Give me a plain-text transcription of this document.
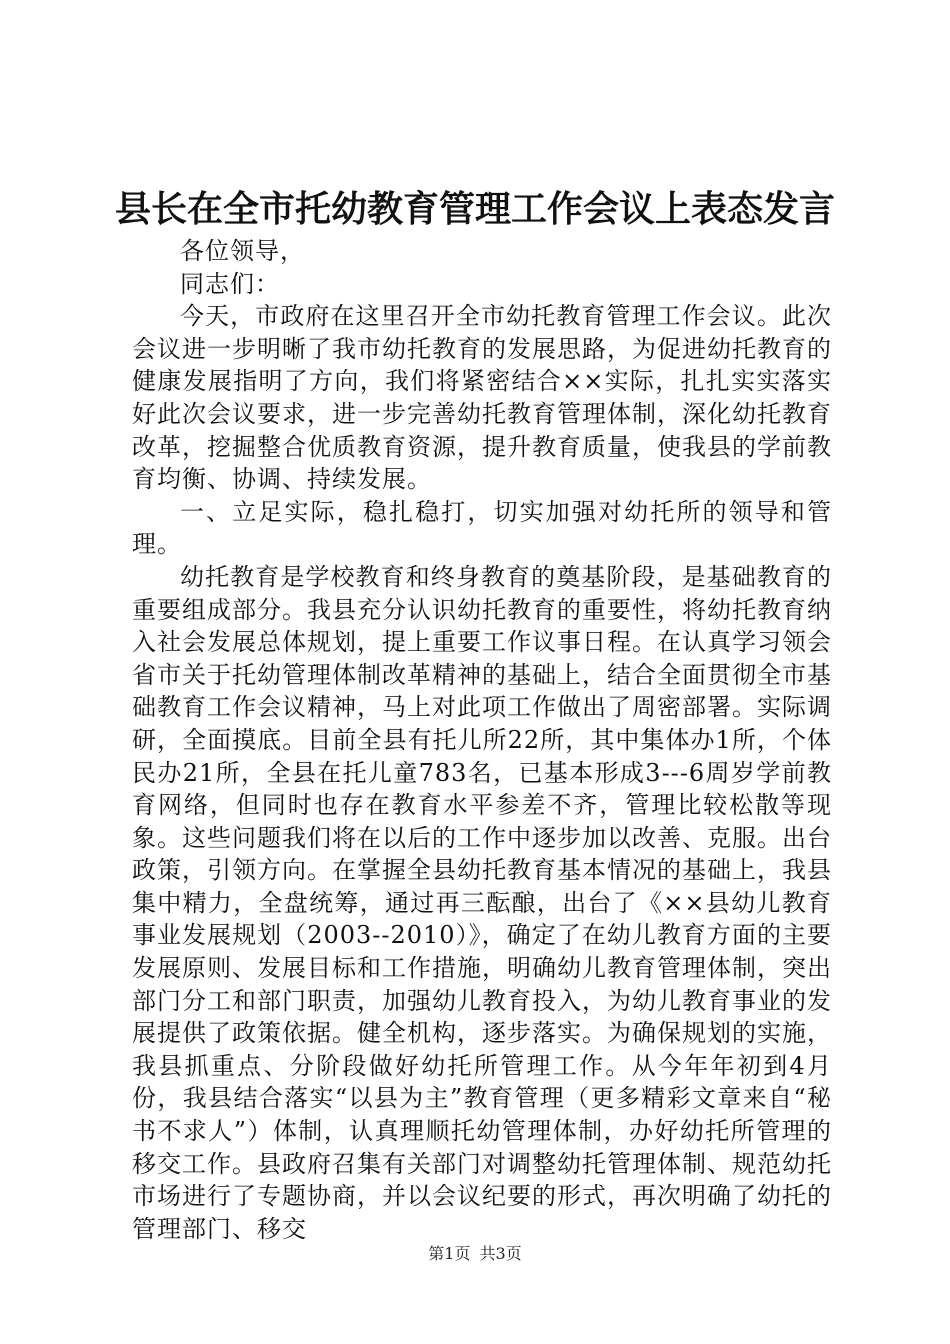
县长在全市托幼教育管理工作会议上表态发言

各位领导，

同志们：

今天，市政府在这里召开全市幼托教育管理工作会议。此次会议进一步明晰了我市幼托教育的发展思路，为促进幼托教育的健康发展指明了方向，我们将紧密结合××实际，扎扎实实落实好此次会议要求，进一步完善幼托教育管理体制，深化幼托教育改革，挖掘整合优质教育资源，提升教育质量，使我县的学前教育均衡、协调、持续发展。

一、立足实际，稳扎稳打，切实加强对幼托所的领导和管理。

幼托教育是学校教育和终身教育的奠基阶段，是基础教育的重要组成部分。我县充分认识幼托教育的重要性，将幼托教育纳入社会发展总体规划，提上重要工作议事日程。在认真学习领会省市关于托幼管理体制改革精神的基础上，结合全面贯彻全市基础教育工作会议精神，马上对此项工作做出了周密部署。实际调研，全面摸底。目前全县有托儿所22所，其中集体办1所，个体民办21所，全县在托儿童783名，已基本形成3---6周岁学前教育网络，但同时也存在教育水平参差不齐，管理比较松散等现象。这些问题我们将在以后的工作中逐步加以改善、克服。出台政策，引领方向。在掌握全县幼托教育基本情况的基础上，我县集中精力，全盘统筹，通过再三酝酿，出台了《××县幼儿教育事业发展规划（2003--2010）》，确定了在幼儿教育方面的主要发展原则、发展目标和工作措施，明确幼儿教育管理体制，突出部门分工和部门职责，加强幼儿教育投入，为幼儿教育事业的发展提供了政策依据。健全机构，逐步落实。为确保规划的实施，我县抓重点、分阶段做好幼托所管理工作。从今年年初到4月份，我县结合落实“以县为主”教育管理（更多精彩文章来自“秘书不求人”）体制，认真理顺托幼管理体制，办好幼托所管理的移交工作。县政府召集有关部门对调整幼托管理体制、规范幼托市场进行了专题协商，并以会议纪要的形式，再次明确了幼托的管理部门、移交

第1页 共3页
